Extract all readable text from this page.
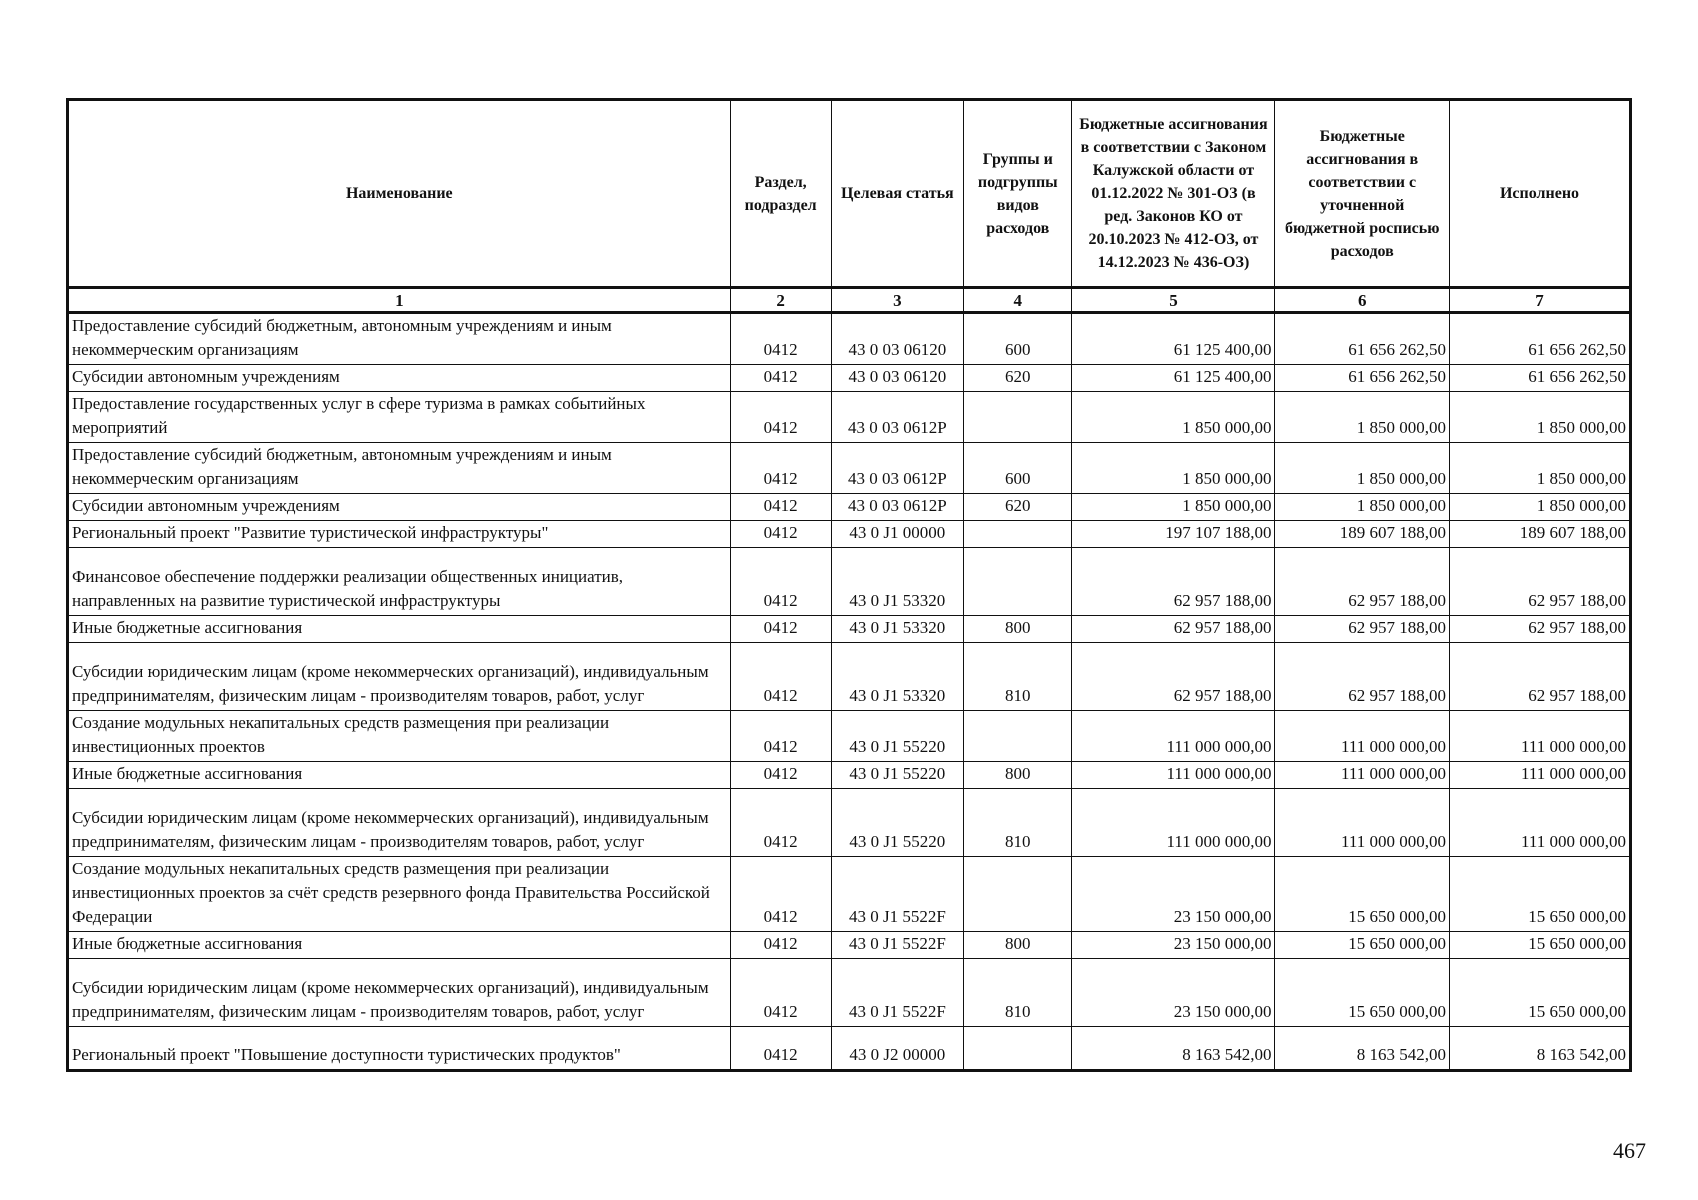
Наименование	Раздел, подраздел	Целевая статья	Группы и подгруппы видов расходов	Бюджетные ассигнования в соответствии с Законом Калужской области от 01.12.2022 № 301-ОЗ (в ред. Законов КО от 20.10.2023 № 412-ОЗ, от 14.12.2023 № 436-ОЗ)	Бюджетные ассигнования в соответствии с уточненной бюджетной росписью расходов	Исполнено
1	2	3	4	5	6	7
Предоставление субсидий бюджетным, автономным учреждениям и иным некоммерческим организациям	0412	43 0 03 06120	600	61 125 400,00	61 656 262,50	61 656 262,50
Субсидии автономным учреждениям	0412	43 0 03 06120	620	61 125 400,00	61 656 262,50	61 656 262,50
Предоставление государственных услуг в сфере туризма в рамках событийных мероприятий	0412	43 0 03 0612P		1 850 000,00	1 850 000,00	1 850 000,00
Предоставление субсидий бюджетным, автономным учреждениям и иным некоммерческим организациям	0412	43 0 03 0612P	600	1 850 000,00	1 850 000,00	1 850 000,00
Субсидии автономным учреждениям	0412	43 0 03 0612P	620	1 850 000,00	1 850 000,00	1 850 000,00
Региональный проект "Развитие туристической инфраструктуры"	0412	43 0 J1 00000		197 107 188,00	189 607 188,00	189 607 188,00
Финансовое обеспечение поддержки реализации общественных инициатив, направленных на развитие туристической инфраструктуры	0412	43 0 J1 53320		62 957 188,00	62 957 188,00	62 957 188,00
Иные бюджетные ассигнования	0412	43 0 J1 53320	800	62 957 188,00	62 957 188,00	62 957 188,00
Субсидии юридическим лицам (кроме некоммерческих организаций), индивидуальным предпринимателям, физическим лицам - производителям товаров, работ, услуг	0412	43 0 J1 53320	810	62 957 188,00	62 957 188,00	62 957 188,00
Создание модульных некапитальных средств размещения при реализации инвестиционных проектов	0412	43 0 J1 55220		111 000 000,00	111 000 000,00	111 000 000,00
Иные бюджетные ассигнования	0412	43 0 J1 55220	800	111 000 000,00	111 000 000,00	111 000 000,00
Субсидии юридическим лицам (кроме некоммерческих организаций), индивидуальным предпринимателям, физическим лицам - производителям товаров, работ, услуг	0412	43 0 J1 55220	810	111 000 000,00	111 000 000,00	111 000 000,00
Создание модульных некапитальных средств размещения при реализации инвестиционных проектов за счёт средств резервного фонда Правительства Российской Федерации	0412	43 0 J1 5522F		23 150 000,00	15 650 000,00	15 650 000,00
Иные бюджетные ассигнования	0412	43 0 J1 5522F	800	23 150 000,00	15 650 000,00	15 650 000,00
Субсидии юридическим лицам (кроме некоммерческих организаций), индивидуальным предпринимателям, физическим лицам - производителям товаров, работ, услуг	0412	43 0 J1 5522F	810	23 150 000,00	15 650 000,00	15 650 000,00
Региональный проект "Повышение доступности туристических продуктов"	0412	43 0 J2 00000		8 163 542,00	8 163 542,00	8 163 542,00
467
